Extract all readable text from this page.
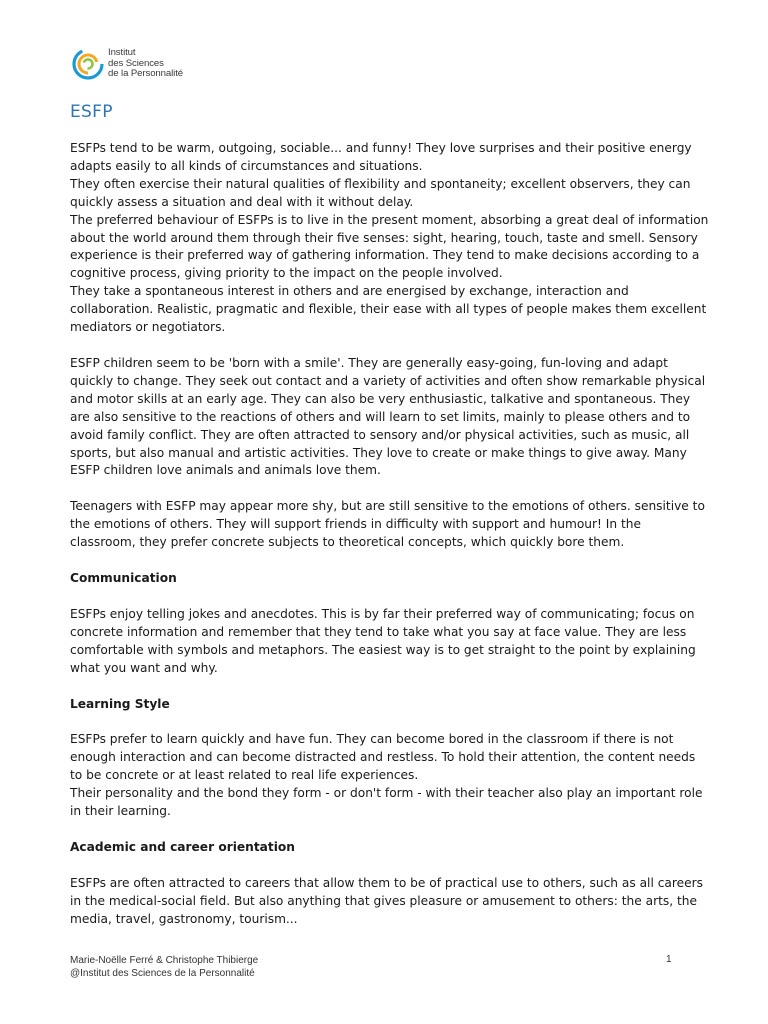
Institut
des Sciences
de la Personnalité
ESFP

ESFPs tend to be warm, outgoing, sociable... and funny! They love surprises and their positive energy adapts easily to all kinds of circumstances and situations.

They often exercise their natural qualities of flexibility and spontaneity; excellent observers, they can quickly assess a situation and deal with it without delay.

The preferred behaviour of ESFPs is to live in the present moment, absorbing a great deal of information about the world around them through their five senses: sight, hearing, touch, taste and smell. Sensory experience is their preferred way of gathering information. They tend to make decisions according to a cognitive process, giving priority to the impact on the people involved.

They take a spontaneous interest in others and are energised by exchange, interaction and collaboration. Realistic, pragmatic and flexible, their ease with all types of people makes them excellent mediators or negotiators.

ESFP children seem to be 'born with a smile'. They are generally easy-going, fun-loving and adapt quickly to change. They seek out contact and a variety of activities and often show remarkable physical and motor skills at an early age. They can also be very enthusiastic, talkative and spontaneous. They are also sensitive to the reactions of others and will learn to set limits, mainly to please others and to avoid family conflict. They are often attracted to sensory and/or physical activities, such as music, all sports, but also manual and artistic activities. They love to create or make things to give away. Many ESFP children love animals and animals love them.

Teenagers with ESFP may appear more shy, but are still sensitive to the emotions of others. sensitive to the emotions of others. They will support friends in difficulty with support and humour! In the classroom, they prefer concrete subjects to theoretical concepts, which quickly bore them.

Communication

ESFPs enjoy telling jokes and anecdotes. This is by far their preferred way of communicating; focus on concrete information and remember that they tend to take what you say at face value. They are less comfortable with symbols and metaphors. The easiest way is to get straight to the point by explaining what you want and why.

Learning Style

ESFPs prefer to learn quickly and have fun. They can become bored in the classroom if there is not enough interaction and can become distracted and restless. To hold their attention, the content needs to be concrete or at least related to real life experiences.

Their personality and the bond they form - or don't form - with their teacher also play an important role in their learning.

Academic and career orientation

ESFPs are often attracted to careers that allow them to be of practical use to others, such as all careers in the medical-social field. But also anything that gives pleasure or amusement to others: the arts, the media, travel, gastronomy, tourism...

Marie-Noëlle Ferré & Christophe Thibierge
@Institut des Sciences de la Personnalité
1
